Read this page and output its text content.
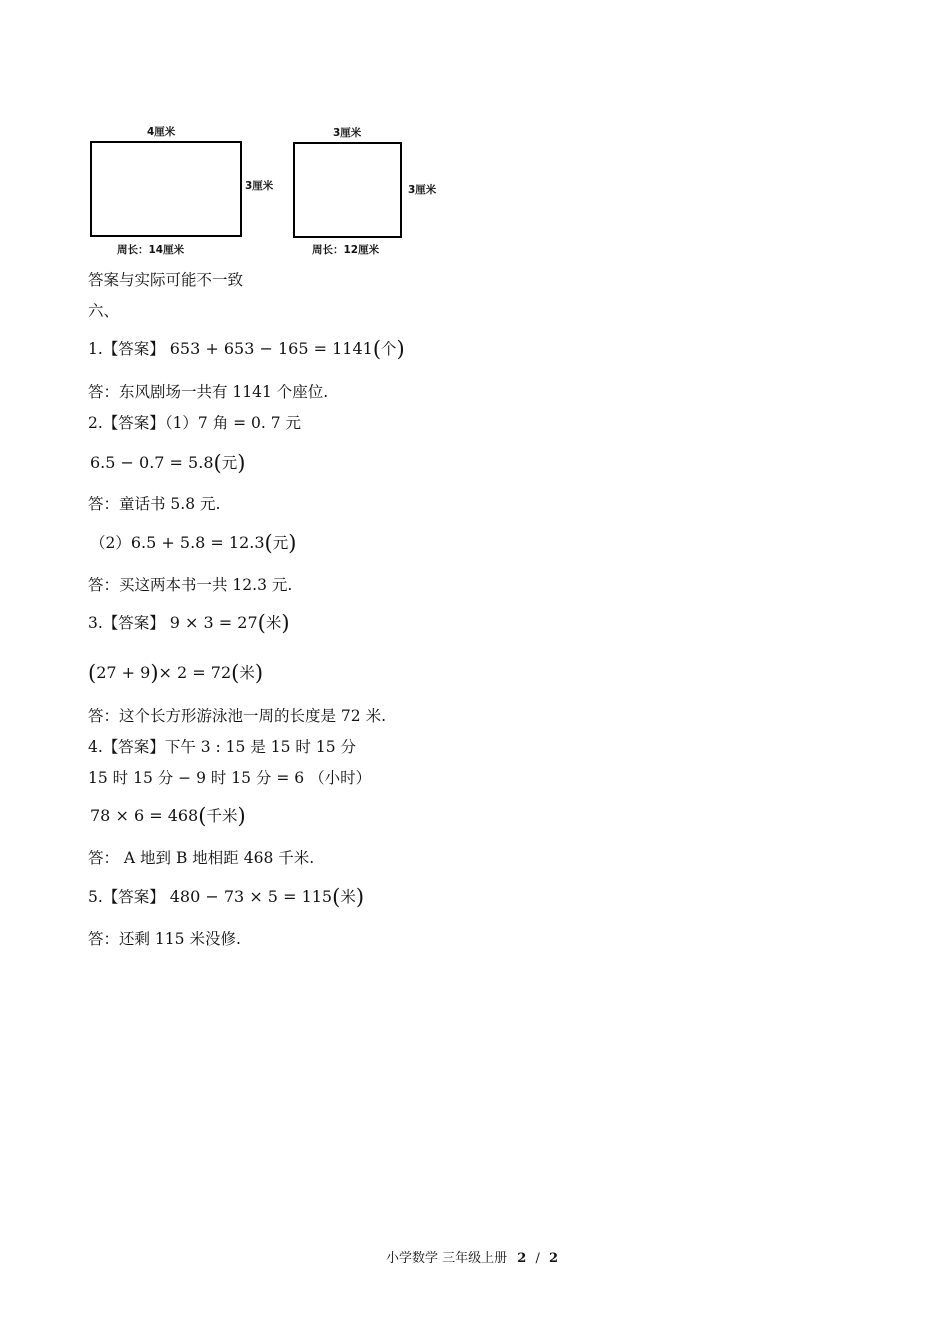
4厘米
3厘米
周长：14厘米
3厘米
3厘米
周长：12厘米
答案与实际可能不一致
六、
1.【答案】 653 + 653 − 165 = 1141(个)
答：东风剧场一共有 1141 个座位.
2.【答案】（1）7 角 = 0. 7 元
6.5 − 0.7 = 5.8(元)
答：童话书 5.8 元.
（2）6.5 + 5.8 = 12.3(元)
答：买这两本书一共 12.3 元.
3.【答案】 9 × 3 = 27(米)
(27 + 9)× 2 = 72(米)
答：这个长方形游泳池一周的长度是 72 米.
4.【答案】下午 3 : 15 是 15 时 15 分
15 时 15 分 − 9 时 15 分 = 6 （小时）
78 × 6 = 468(千米)
答： A 地到 B 地相距 468 千米.
5.【答案】 480 − 73 × 5 = 115(米)
答：还剩 115 米没修.
小学数学 三年级上册 2 / 2
